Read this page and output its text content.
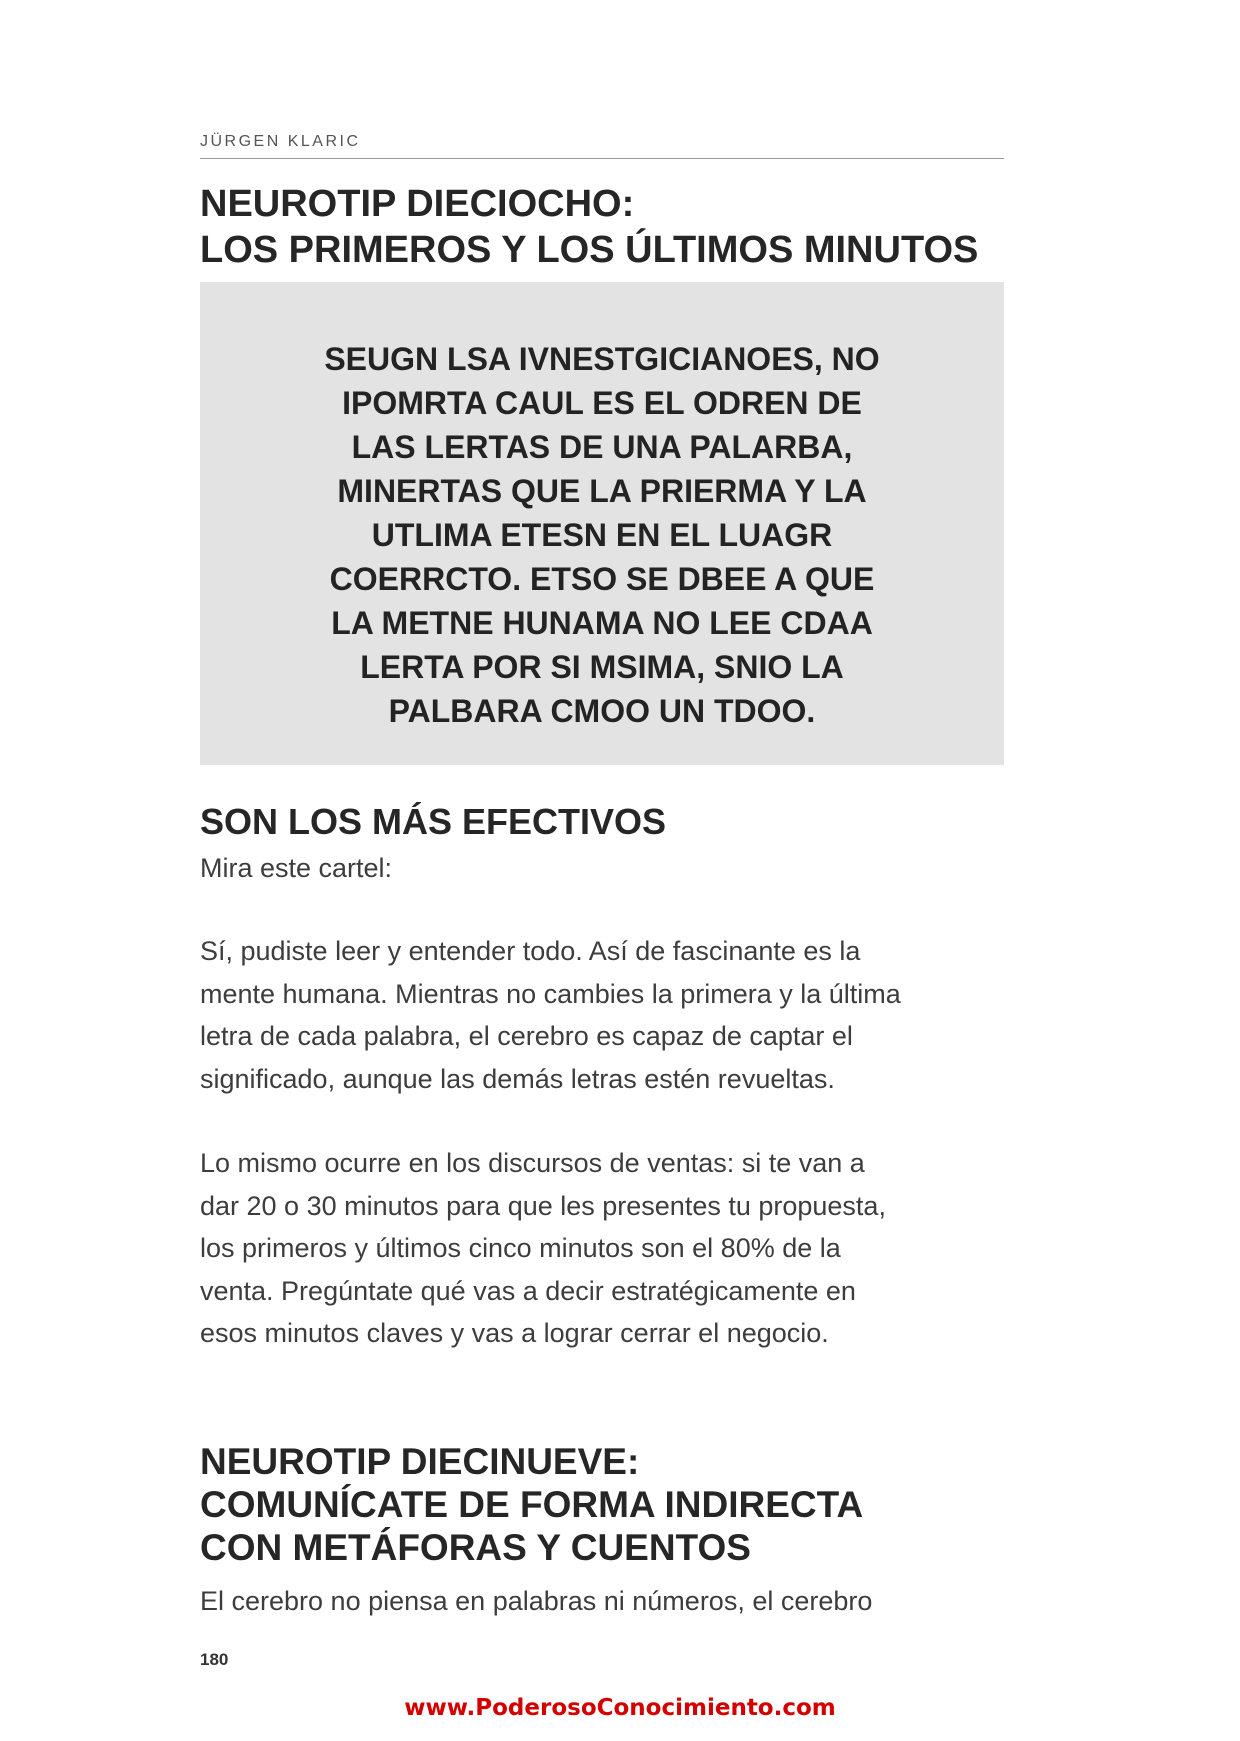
JÜRGEN KLARIC
NEUROTIP DIECIOCHO:
LOS PRIMEROS Y LOS ÚLTIMOS MINUTOS
SEUGN LSA IVNESTGICIANOES, NO
IPOMRTA CAUL ES EL ODREN DE
LAS LERTAS DE UNA PALARBA,
MINERTAS QUE LA PRIERMA Y LA
UTLIMA ETESN EN EL LUAGR
COERRCTO. ETSO SE DBEE A QUE
LA METNE HUNAMA NO LEE CDAA
LERTA POR SI MSIMA, SNIO LA
PALBARA CMOO UN TDOO.
SON LOS MÁS EFECTIVOS

Mira este cartel:

Sí, pudiste leer y entender todo. Así de fascinante es la
mente humana. Mientras no cambies la primera y la última
letra de cada palabra, el cerebro es capaz de captar el
significado, aunque las demás letras estén revueltas.

Lo mismo ocurre en los discursos de ventas: si te van a
dar 20 o 30 minutos para que les presentes tu propuesta,
los primeros y últimos cinco minutos son el 80% de la
venta. Pregúntate qué vas a decir estratégicamente en
esos minutos claves y vas a lograr cerrar el negocio.

NEUROTIP DIECINUEVE:
COMUNÍCATE DE FORMA INDIRECTA
CON METÁFORAS Y CUENTOS

El cerebro no piensa en palabras ni números, el cerebro

180
www.PoderosoConocimiento.com
